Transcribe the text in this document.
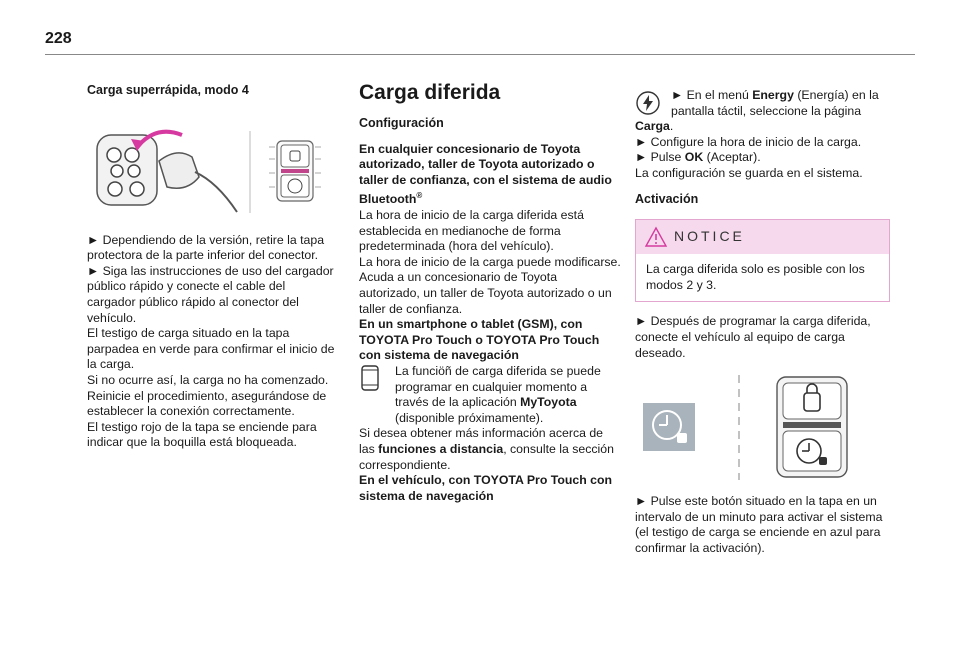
228

Carga superrápida, modo 4

► Dependiendo de la versión, retire la tapa protectora de la parte inferior del conector.

► Siga las instrucciones de uso del cargador público rápido y conecte el cable del cargador público rápido al conector del vehículo.

El testigo de carga situado en la tapa parpadea en verde para confirmar el inicio de la carga.

Si no ocurre así, la carga no ha comenzado. Reinicie el procedimiento, asegurándose de establecer la conexión correctamente.

El testigo rojo de la tapa se enciende para indicar que la boquilla está bloqueada.

Carga diferida

Configuración

En cualquier concesionario de Toyota autorizado, taller de Toyota autorizado o taller de confianza, con el sistema de audio Bluetooth®

La hora de inicio de la carga diferida está establecida en medianoche de forma predeterminada (hora del vehículo).

La hora de inicio de la carga puede modificarse. Acuda a un concesionario de Toyota autorizado, un taller de Toyota autorizado o un taller de confianza.

En un smartphone o tablet (GSM), con TOYOTA Pro Touch o TOYOTA Pro Touch con sistema de navegación

La funciöñ de carga diferida se puede programar en cualquier momento a través de la aplicación MyToyota (disponible próximamente).

Si desea obtener más información acerca de las funciones a distancia, consulte la sección correspondiente.

En el vehículo, con TOYOTA Pro Touch con sistema de navegación

► En el menú Energy (Energía) en la pantalla táctil, seleccione la página

Carga.

► Configure la hora de inicio de la carga.

► Pulse OK (Aceptar).

La configuración se guarda en el sistema.

Activación

NOTICE
La carga diferida solo es posible con los modos 2 y 3.

► Después de programar la carga diferida, conecte el vehículo al equipo de carga deseado.

► Pulse este botón situado en la tapa en un intervalo de un minuto para activar el sistema (el testigo de carga se enciende en azul para confirmar la activación).
